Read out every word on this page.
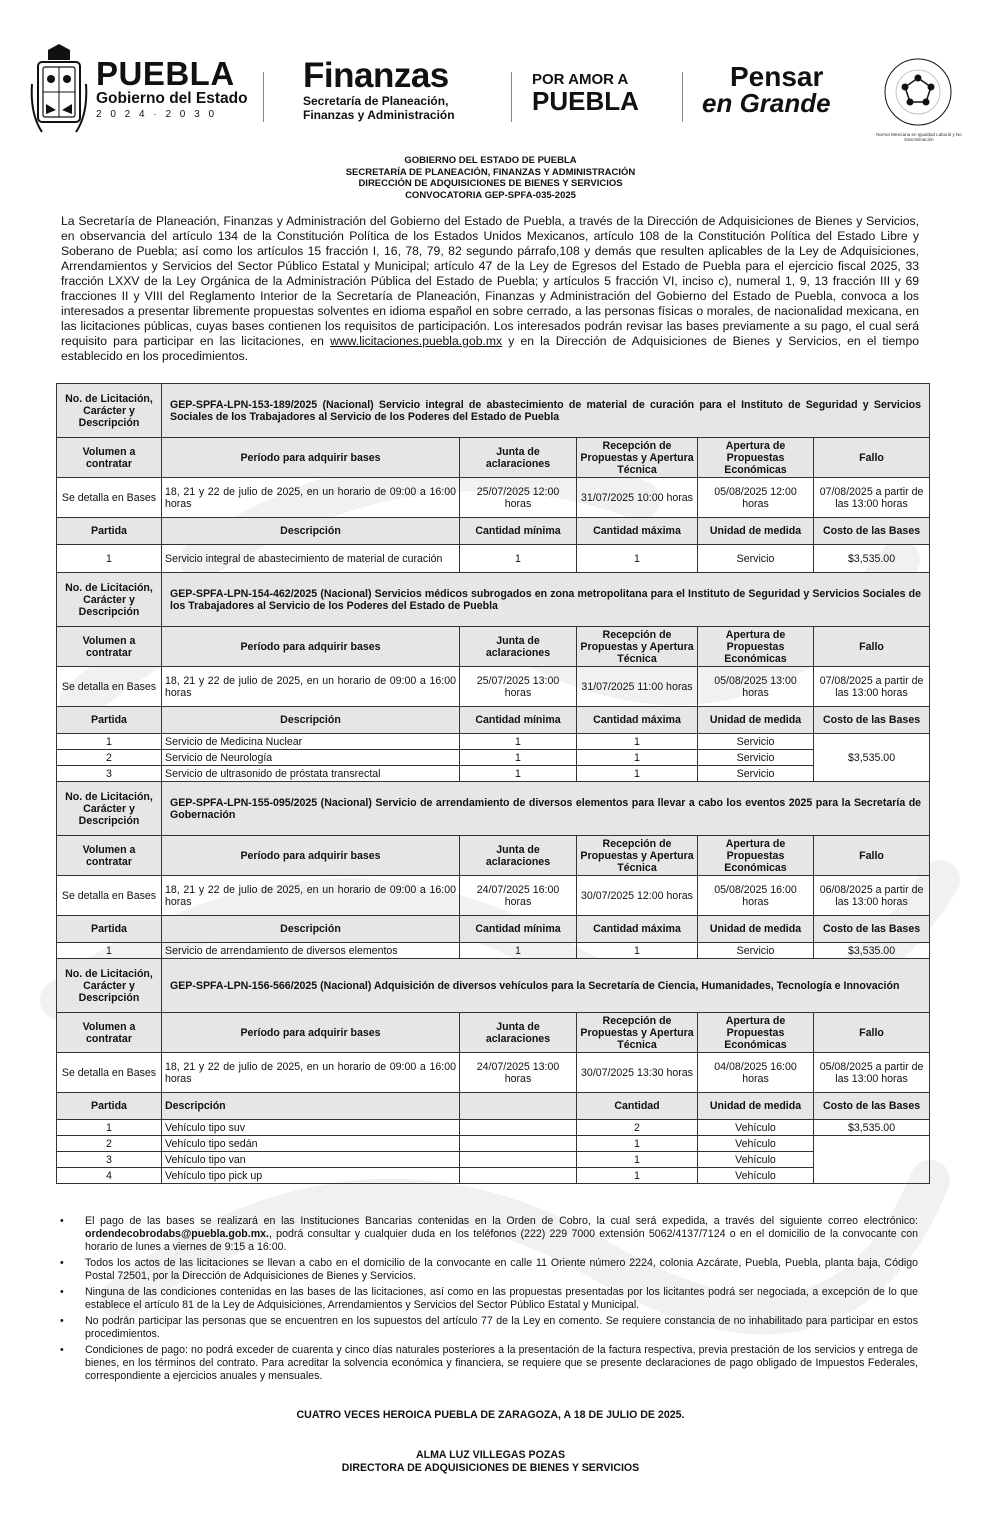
PUEBLA
Gobierno del Estado
2 0 2 4 · 2 0 3 0
Finanzas
Secretaría de Planeación,
Finanzas y Administración
POR AMOR A
PUEBLA
Pensar
en Grande
Norma Mexicana en Igualdad Laboral y No Discriminación
GOBIERNO DEL ESTADO DE PUEBLA
SECRETARÍA DE PLANEACIÓN, FINANZAS Y ADMINISTRACIÓN
DIRECCIÓN DE ADQUISICIONES DE BIENES Y SERVICIOS
CONVOCATORIA GEP-SPFA-035-2025
La Secretaría de Planeación, Finanzas y Administración del Gobierno del Estado de Puebla, a través de la Dirección de Adquisiciones de Bienes y Servicios, en observancia del artículo 134 de la Constitución Política de los Estados Unidos Mexicanos, artículo 108 de la Constitución Política del Estado Libre y Soberano de Puebla; así como los artículos 15 fracción I, 16, 78, 79, 82 segundo párrafo,108 y demás que resulten aplicables de la Ley de Adquisiciones, Arrendamientos y Servicios del Sector Público Estatal y Municipal; artículo 47 de la Ley de Egresos del Estado de Puebla para el ejercicio fiscal 2025, 33 fracción LXXV de la Ley Orgánica de la Administración Pública del Estado de Puebla; y artículos 5 fracción VI, inciso c), numeral 1, 9, 13 fracción III y 69 fracciones II y VIII del Reglamento Interior de la Secretaría de Planeación, Finanzas y Administración del Gobierno del Estado de Puebla, convoca a los interesados a presentar libremente propuestas solventes en idioma español en sobre cerrado, a las personas físicas o morales, de nacionalidad mexicana, en las licitaciones públicas, cuyas bases contienen los requisitos de participación. Los interesados podrán revisar las bases previamente a su pago, el cual será requisito para participar en las licitaciones, en www.licitaciones.puebla.gob.mx y en la Dirección de Adquisiciones de Bienes y Servicios, en el tiempo establecido en los procedimientos.
No. de Licitación, Carácter y Descripción	GEP-SPFA-LPN-153-189/2025 (Nacional) Servicio integral de abastecimiento de material de curación para el Instituto de Seguridad y Servicios Sociales de los Trabajadores al Servicio de los Poderes del Estado de Puebla				
Volumen a contratar	Período para adquirir bases	Junta de aclaraciones	Recepción de Propuestas y Apertura Técnica	Apertura de Propuestas Económicas	Fallo
Se detalla en Bases	18, 21 y 22 de julio de 2025, en un horario de 09:00 a 16:00 horas	25/07/2025 12:00 horas	31/07/2025 10:00 horas	05/08/2025 12:00 horas	07/08/2025 a partir de las 13:00 horas
Partida	Descripción	Cantidad mínima	Cantidad máxima	Unidad de medida	Costo de las Bases
1	Servicio integral de abastecimiento de material de curación	1	1	Servicio	$3,535.00
No. de Licitación, Carácter y Descripción	GEP-SPFA-LPN-154-462/2025 (Nacional) Servicios médicos subrogados en zona metropolitana para el Instituto de Seguridad y Servicios Sociales de los Trabajadores al Servicio de los Poderes del Estado de Puebla				
Volumen a contratar	Período para adquirir bases	Junta de aclaraciones	Recepción de Propuestas y Apertura Técnica	Apertura de Propuestas Económicas	Fallo
Se detalla en Bases	18, 21 y 22 de julio de 2025, en un horario de 09:00 a 16:00 horas	25/07/2025 13:00 horas	31/07/2025 11:00 horas	05/08/2025 13:00 horas	07/08/2025 a partir de las 13:00 horas
Partida	Descripción	Cantidad mínima	Cantidad máxima	Unidad de medida	Costo de las Bases
1	Servicio de Medicina Nuclear	1	1	Servicio	$3,535.00
2	Servicio de Neurología	1	1	Servicio	
3	Servicio de ultrasonido de próstata transrectal	1	1	Servicio	
No. de Licitación, Carácter y Descripción	GEP-SPFA-LPN-155-095/2025 (Nacional) Servicio de arrendamiento de diversos elementos para llevar a cabo los eventos 2025 para la Secretaría de Gobernación				
Volumen a contratar	Período para adquirir bases	Junta de aclaraciones	Recepción de Propuestas y Apertura Técnica	Apertura de Propuestas Económicas	Fallo
Se detalla en Bases	18, 21 y 22 de julio de 2025, en un horario de 09:00 a 16:00 horas	24/07/2025 16:00 horas	30/07/2025 12:00 horas	05/08/2025 16:00 horas	06/08/2025 a partir de las 13:00 horas
Partida	Descripción	Cantidad mínima	Cantidad máxima	Unidad de medida	Costo de las Bases
1	Servicio de arrendamiento de diversos elementos	1	1	Servicio	$3,535.00
No. de Licitación, Carácter y Descripción	GEP-SPFA-LPN-156-566/2025 (Nacional) Adquisición de diversos vehículos para la Secretaría de Ciencia, Humanidades, Tecnología e Innovación				
Volumen a contratar	Período para adquirir bases	Junta de aclaraciones	Recepción de Propuestas y Apertura Técnica	Apertura de Propuestas Económicas	Fallo
Se detalla en Bases	18, 21 y 22 de julio de 2025, en un horario de 09:00 a 16:00 horas	24/07/2025 13:00 horas	30/07/2025 13:30 horas	04/08/2025 16:00 horas	05/08/2025 a partir de las 13:00 horas
Partida	Descripción		Cantidad	Unidad de medida	Costo de las Bases
1	Vehículo tipo suv		2	Vehículo	$3,535.00
2	Vehículo tipo sedán		1	Vehículo	
3	Vehículo tipo van		1	Vehículo	
4	Vehículo tipo pick up		1	Vehículo	
• El pago de las bases se realizará en las Instituciones Bancarias contenidas en la Orden de Cobro, la cual será expedida, a través del siguiente correo electrónico: ordendecobrodabs@puebla.gob.mx., podrá consultar y cualquier duda en los teléfonos (222) 229 7000 extensión 5062/4137/7124 o en el domicilio de la convocante con horario de lunes a viernes de 9:15 a 16:00.
• Todos los actos de las licitaciones se llevan a cabo en el domicilio de la convocante en calle 11 Oriente número 2224, colonia Azcárate, Puebla, Puebla, planta baja, Código Postal 72501, por la Dirección de Adquisiciones de Bienes y Servicios.
• Ninguna de las condiciones contenidas en las bases de las licitaciones, así como en las propuestas presentadas por los licitantes podrá ser negociada, a excepción de lo que establece el artículo 81 de la Ley de Adquisiciones, Arrendamientos y Servicios del Sector Público Estatal y Municipal.
• No podrán participar las personas que se encuentren en los supuestos del artículo 77 de la Ley en comento. Se requiere constancia de no inhabilitado para participar en estos procedimientos.
• Condiciones de pago: no podrá exceder de cuarenta y cinco días naturales posteriores a la presentación de la factura respectiva, previa prestación de los servicios y entrega de bienes, en los términos del contrato. Para acreditar la solvencia económica y financiera, se requiere que se presente declaraciones de pago obligado de Impuestos Federales, correspondiente a ejercicios anuales y mensuales.
CUATRO VECES HEROICA PUEBLA DE ZARAGOZA, A 18 DE JULIO DE 2025.
ALMA LUZ VILLEGAS POZAS
DIRECTORA DE ADQUISICIONES DE BIENES Y SERVICIOS
